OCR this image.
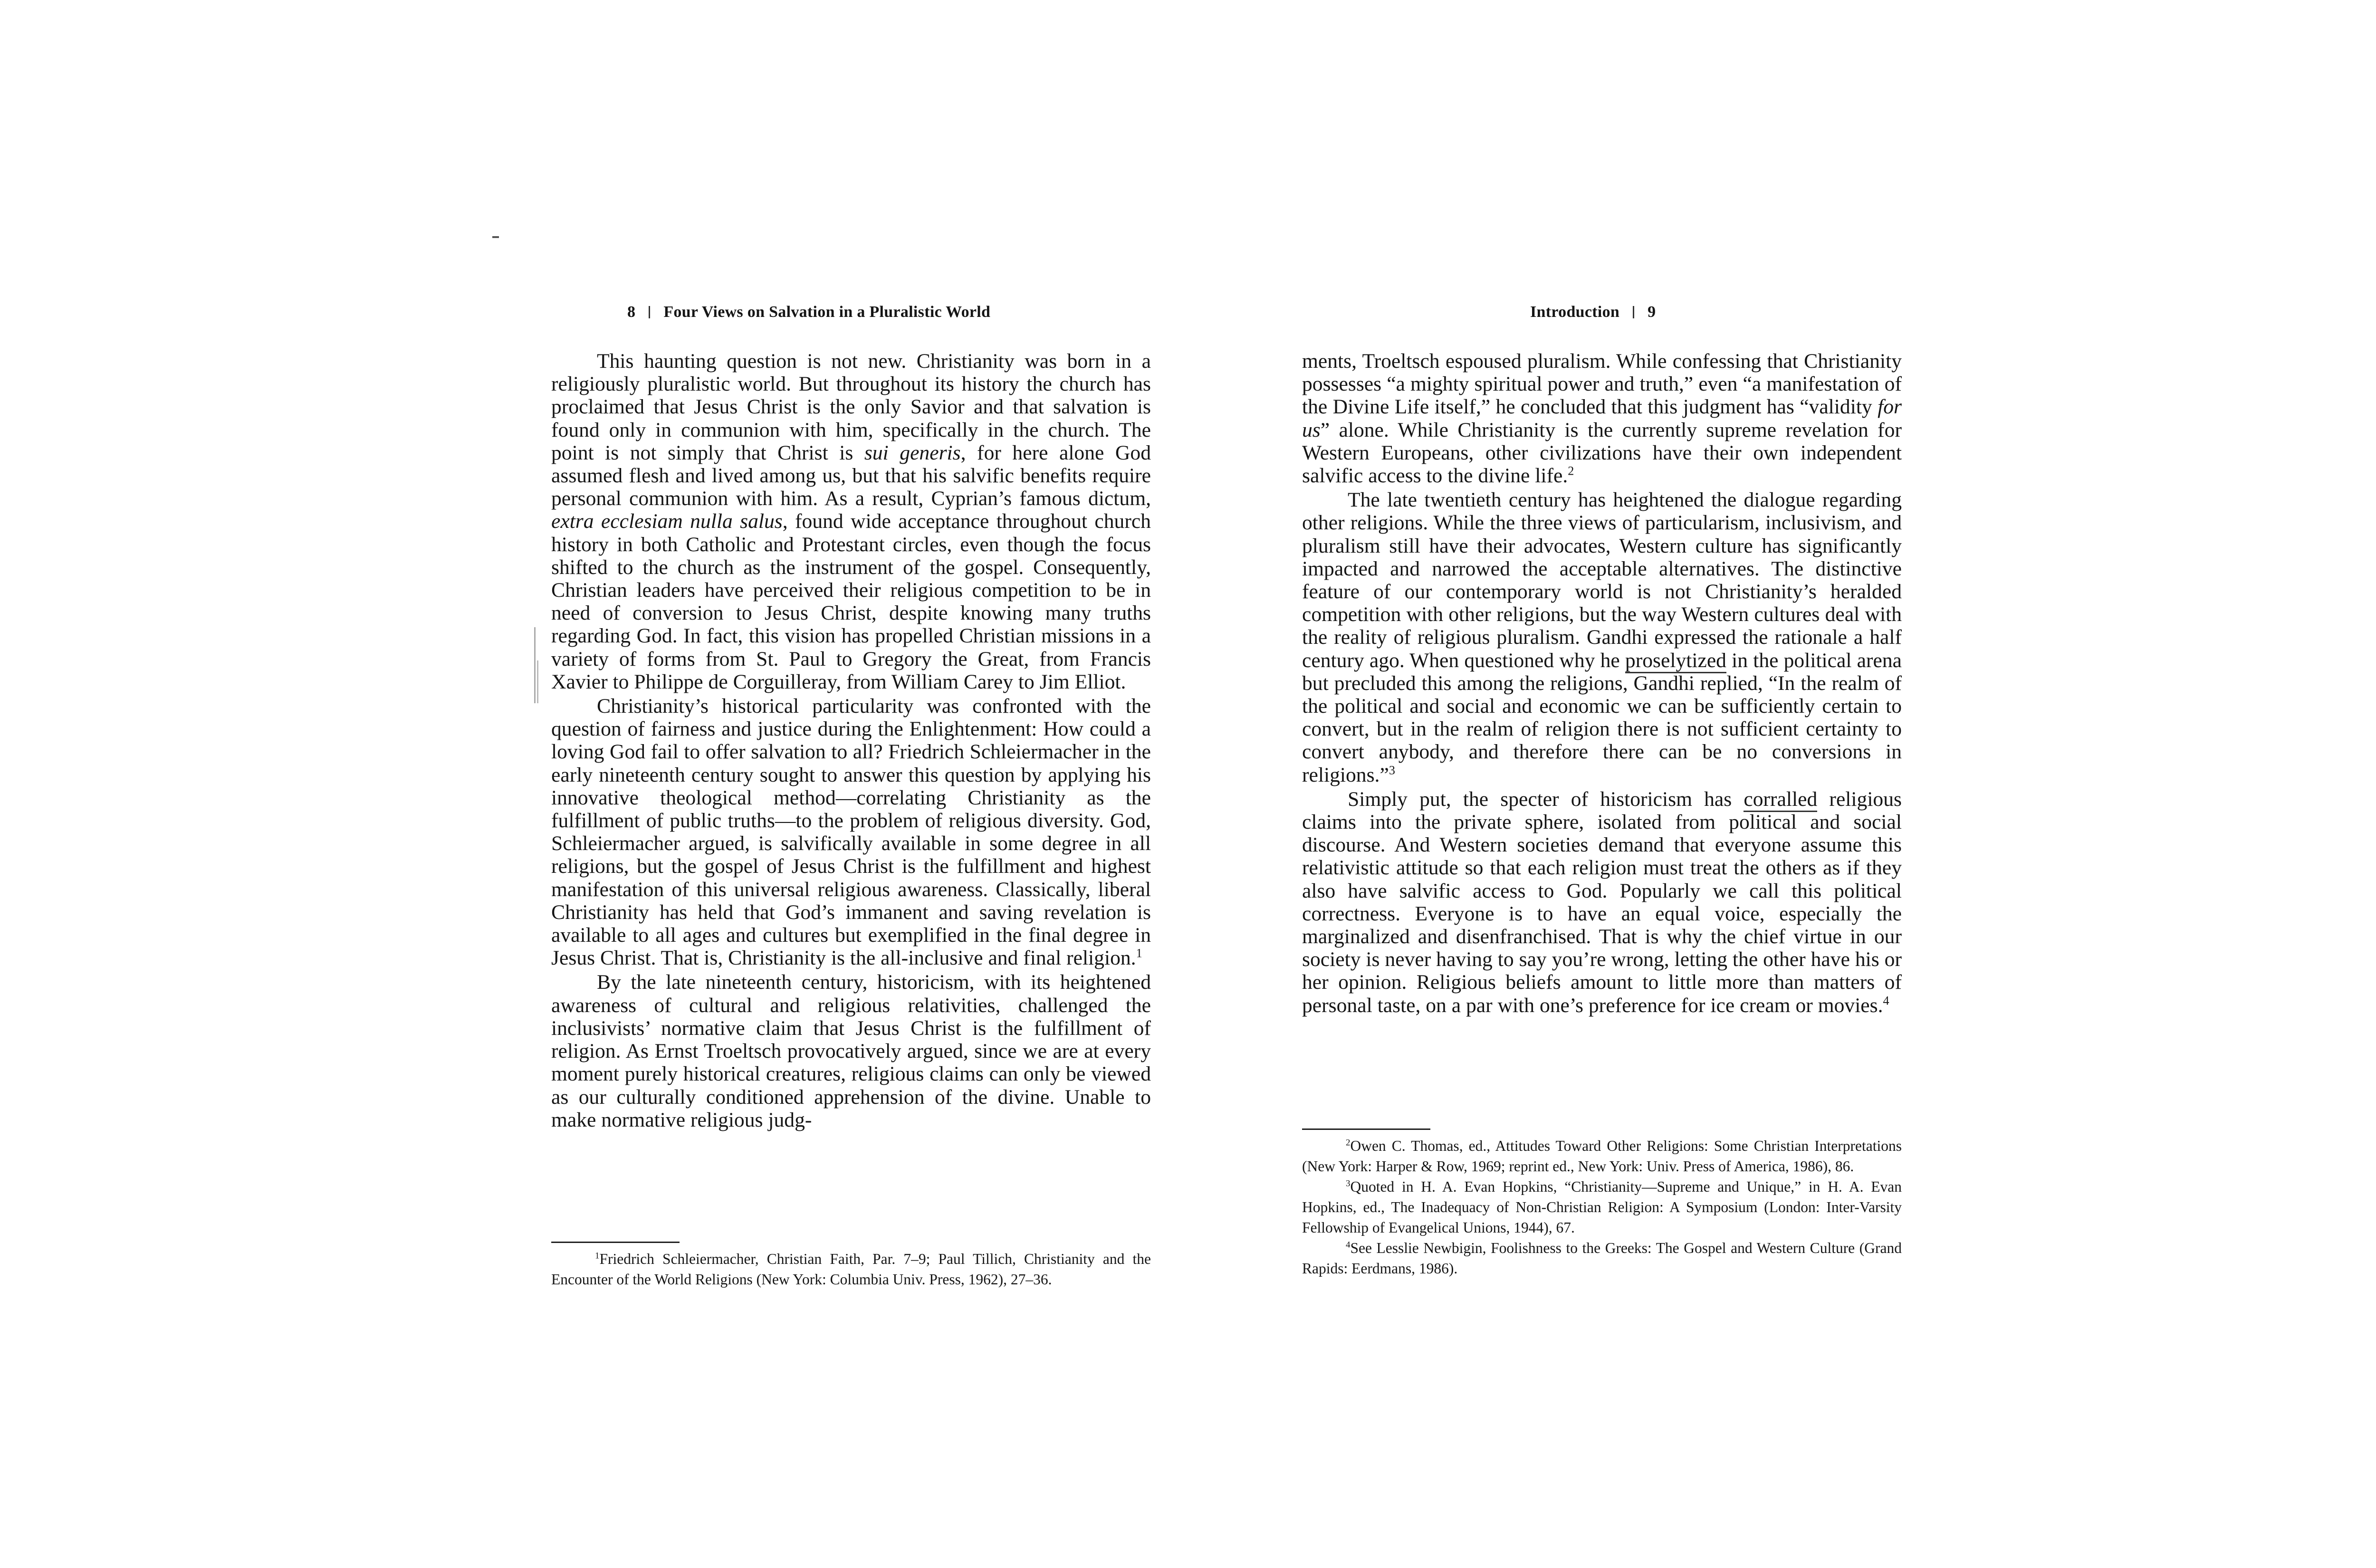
8 Four Views on Salvation in a Pluralistic World

This haunting question is not new. Christianity was born in a religiously pluralistic world. But throughout its history the church has proclaimed that Jesus Christ is the only Savior and that salvation is found only in communion with him, specifically in the church. The point is not simply that Christ is sui generis, for here alone God assumed flesh and lived among us, but that his salvific benefits require personal communion with him. As a result, Cyprian’s famous dictum, extra ecclesiam nulla salus, found wide acceptance throughout church history in both Catholic and Protestant circles, even though the focus shifted to the church as the instrument of the gospel. Consequently, Christian leaders have perceived their religious competition to be in need of conversion to Jesus Christ, despite knowing many truths regarding God. In fact, this vision has propelled Christian missions in a variety of forms from St. Paul to Gregory the Great, from Francis Xavier to Philippe de Corguilleray, from William Carey to Jim Elliot.

Christianity’s historical particularity was confronted with the question of fairness and justice during the Enlightenment: How could a loving God fail to offer salvation to all? Friedrich Schleiermacher in the early nineteenth century sought to answer this question by applying his innovative theological method—correlating Christianity as the fulfillment of public truths—to the problem of religious diversity. God, Schleiermacher argued, is salvifically available in some degree in all religions, but the gospel of Jesus Christ is the fulfillment and highest manifestation of this universal religious awareness. Classically, liberal Christianity has held that God’s immanent and saving revelation is available to all ages and cultures but exemplified in the final degree in Jesus Christ. That is, Christianity is the all-inclusive and final religion.$^1$

By the late nineteenth century, historicism, with its heightened awareness of cultural and religious relativities, challenged the inclusivists’ normative claim that Jesus Christ is the fulfillment of religion. As Ernst Troeltsch provocatively argued, since we are at every moment purely historical creatures, religious claims can only be viewed as our culturally conditioned apprehension of the divine. Unable to make normative religious judg-

$^1$Friedrich Schleiermacher, Christian Faith, Par. 7–9; Paul Tillich, Christianity and the Encounter of the World Religions (New York: Columbia Univ. Press, 1962), 27–36.

Introduction 9

ments, Troeltsch espoused pluralism. While confessing that Christianity possesses “a mighty spiritual power and truth,” even “a manifestation of the Divine Life itself,” he concluded that this judgment has “validity for us” alone. While Christianity is the currently supreme revelation for Western Europeans, other civilizations have their own independent salvific access to the divine life.$^2$

The late twentieth century has heightened the dialogue regarding other religions. While the three views of particularism, inclusivism, and pluralism still have their advocates, Western culture has significantly impacted and narrowed the acceptable alternatives. The distinctive feature of our contemporary world is not Christianity’s heralded competition with other religions, but the way Western cultures deal with the reality of religious pluralism. Gandhi expressed the rationale a half century ago. When questioned why he proselytized in the political arena but precluded this among the religions, Gandhi replied, “In the realm of the political and social and economic we can be sufficiently certain to convert, but in the realm of religion there is not sufficient certainty to convert anybody, and therefore there can be no conversions in religions.”$^3$

Simply put, the specter of historicism has corralled religious claims into the private sphere, isolated from political and social discourse. And Western societies demand that everyone assume this relativistic attitude so that each religion must treat the others as if they also have salvific access to God. Popularly we call this political correctness. Everyone is to have an equal voice, especially the marginalized and disenfranchised. That is why the chief virtue in our society is never having to say you’re wrong, letting the other have his or her opinion. Religious beliefs amount to little more than matters of personal taste, on a par with one’s preference for ice cream or movies.$^4$

$^2$Owen C. Thomas, ed., Attitudes Toward Other Religions: Some Christian Interpretations (New York: Harper & Row, 1969; reprint ed., New York: Univ. Press of America, 1986), 86.

$^3$Quoted in H. A. Evan Hopkins, “Christianity—Supreme and Unique,” in H. A. Evan Hopkins, ed., The Inadequacy of Non-Christian Religion: A Symposium (London: Inter-Varsity Fellowship of Evangelical Unions, 1944), 67.

$^4$See Lesslie Newbigin, Foolishness to the Greeks: The Gospel and Western Culture (Grand Rapids: Eerdmans, 1986).
